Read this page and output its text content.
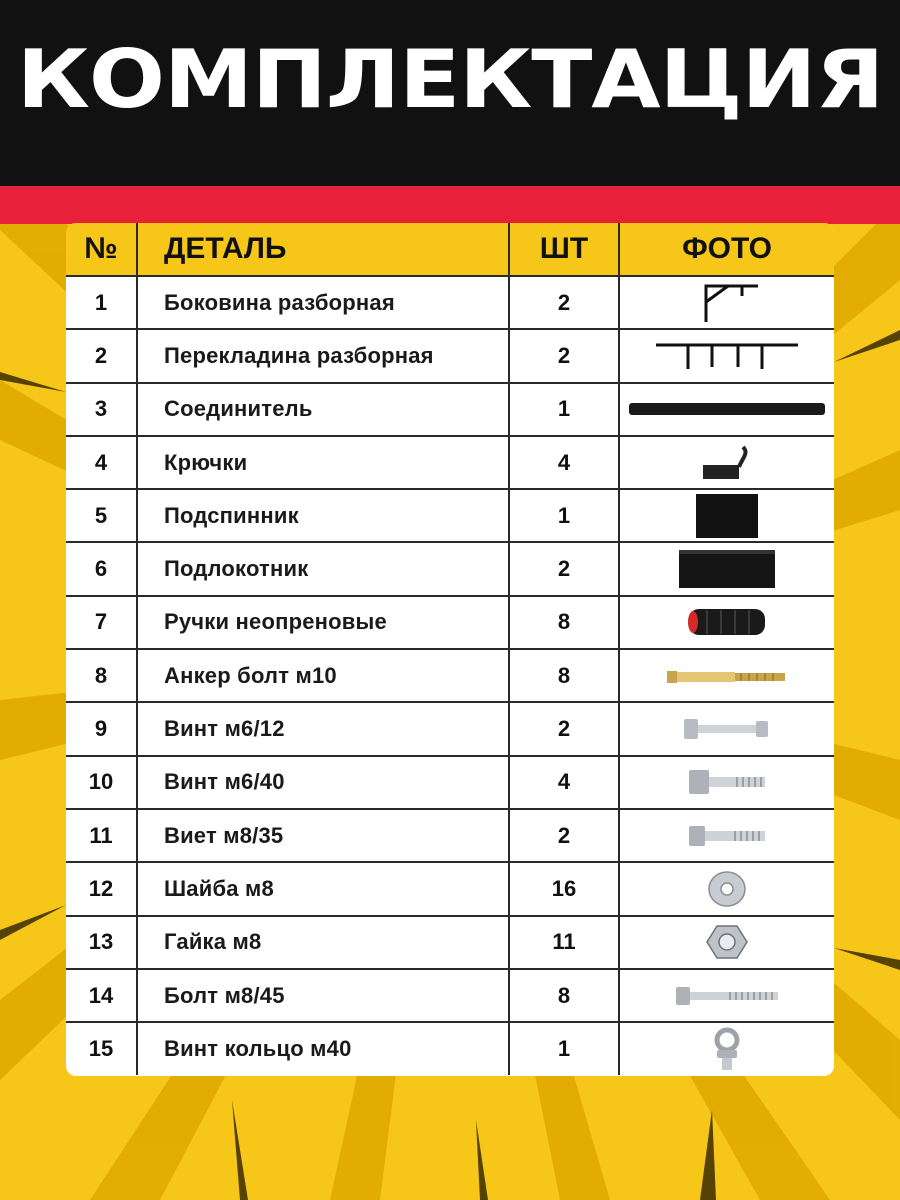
КОМПЛЕКТАЦИЯ
№	ДЕТАЛЬ	ШТ	ФОТО
1	Боковина разборная	2	

2	Перекладина разборная	2	

3	Соединитель	1	

4	Крючки	4	

5	Подспинник	1	

6	Подлокотник	2	

7	Ручки неопреновые	8	

8	Анкер болт м10	8	

9	Винт м6/12	2	

10	Винт м6/40	4	

11	Виет м8/35	2	

12	Шайба м8	16	

13	Гайка м8	11	

14	Болт м8/45	8	

15	Винт кольцо м40	1	
